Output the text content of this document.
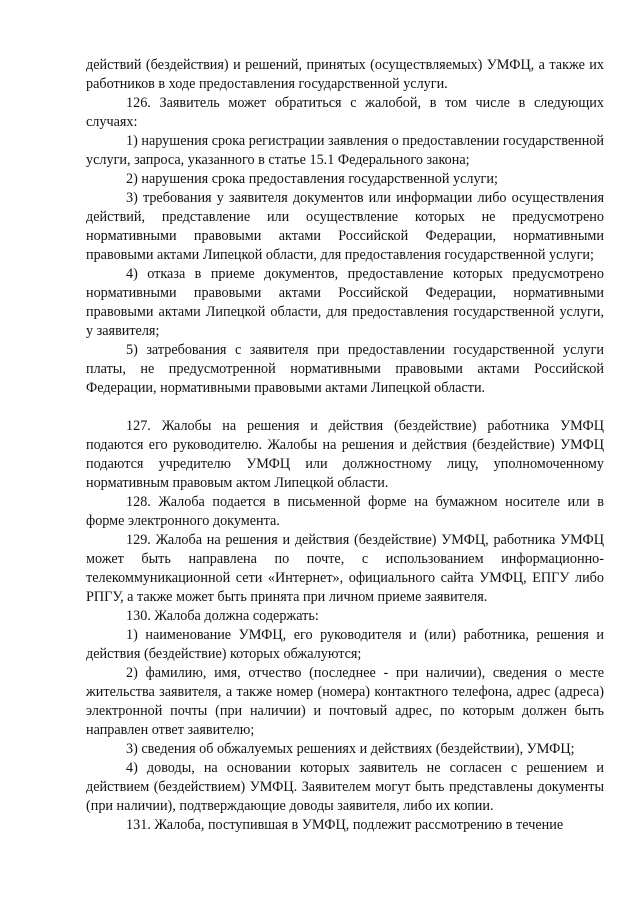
действий (бездействия) и решений, принятых (осуществляемых) УМФЦ, а также их работников в ходе предоставления государственной услуги.

126. Заявитель может обратиться с жалобой, в том числе в следующих случаях:

1) нарушения срока регистрации заявления о предоставлении государственной услуги, запроса, указанного в статье 15.1 Федерального закона;

2) нарушения срока предоставления государственной услуги;

3) требования у заявителя документов или информации либо осуществления действий, представление или осуществление которых не предусмотрено нормативными правовыми актами Российской Федерации, нормативными правовыми актами Липецкой области, для предоставления государственной услуги;

4) отказа в приеме документов, предоставление которых предусмотрено нормативными правовыми актами Российской Федерации, нормативными правовыми актами Липецкой области, для предоставления государственной услуги, у заявителя;

5) затребования с заявителя при предоставлении государственной услуги платы, не предусмотренной нормативными правовыми актами Российской Федерации, нормативными правовыми актами Липецкой области.

127. Жалобы на решения и действия (бездействие) работника УМФЦ подаются его руководителю. Жалобы на решения и действия (бездействие) УМФЦ подаются учредителю УМФЦ или должностному лицу, уполномоченному нормативным правовым актом Липецкой области.

128. Жалоба подается в письменной форме на бумажном носителе или в форме электронного документа.

129. Жалоба на решения и действия (бездействие) УМФЦ, работника УМФЦ может быть направлена по почте, с использованием информационно-телекоммуникационной сети «Интернет», официального сайта УМФЦ, ЕПГУ либо РПГУ, а также может быть принята при личном приеме заявителя.

130. Жалоба должна содержать:

1) наименование УМФЦ, его руководителя и (или) работника, решения и действия (бездействие) которых обжалуются;

2) фамилию, имя, отчество (последнее - при наличии), сведения о месте жительства заявителя, а также номер (номера) контактного телефона, адрес (адреса) электронной почты (при наличии) и почтовый адрес, по которым должен быть направлен ответ заявителю;

3) сведения об обжалуемых решениях и действиях (бездействии), УМФЦ;

4) доводы, на основании которых заявитель не согласен с решением и действием (бездействием) УМФЦ. Заявителем могут быть представлены документы (при наличии), подтверждающие доводы заявителя, либо их копии.

131. Жалоба, поступившая в УМФЦ, подлежит рассмотрению в течение
